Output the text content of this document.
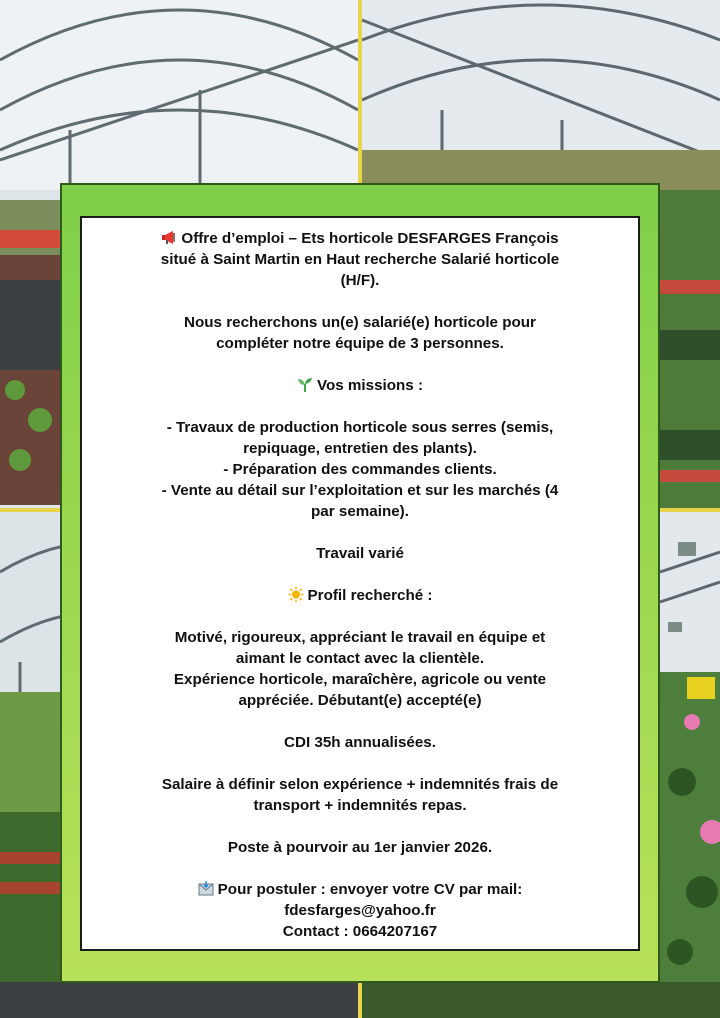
Offre d’emploi – Ets horticole DESFARGES François

situé à Saint Martin en Haut recherche Salarié horticole

(H/F).

Nous recherchons un(e) salarié(e) horticole pour

compléter notre équipe de 3 personnes.

Vos missions :

- Travaux de production horticole sous serres (semis,

repiquage, entretien des plants).

- Préparation des commandes clients.

- Vente au détail sur l’exploitation et sur les marchés (4

par semaine).

Travail varié

Profil recherché :

Motivé, rigoureux, appréciant le travail en équipe et

aimant le contact avec la clientèle.

Expérience horticole, maraîchère, agricole ou vente

appréciée. Débutant(e) accepté(e)

CDI 35h annualisées.

Salaire à définir selon expérience + indemnités frais de

transport + indemnités repas.

Poste à pourvoir au 1er janvier 2026.

Pour postuler : envoyer votre CV par mail:

fdesfarges@yahoo.fr

Contact : 0664207167
